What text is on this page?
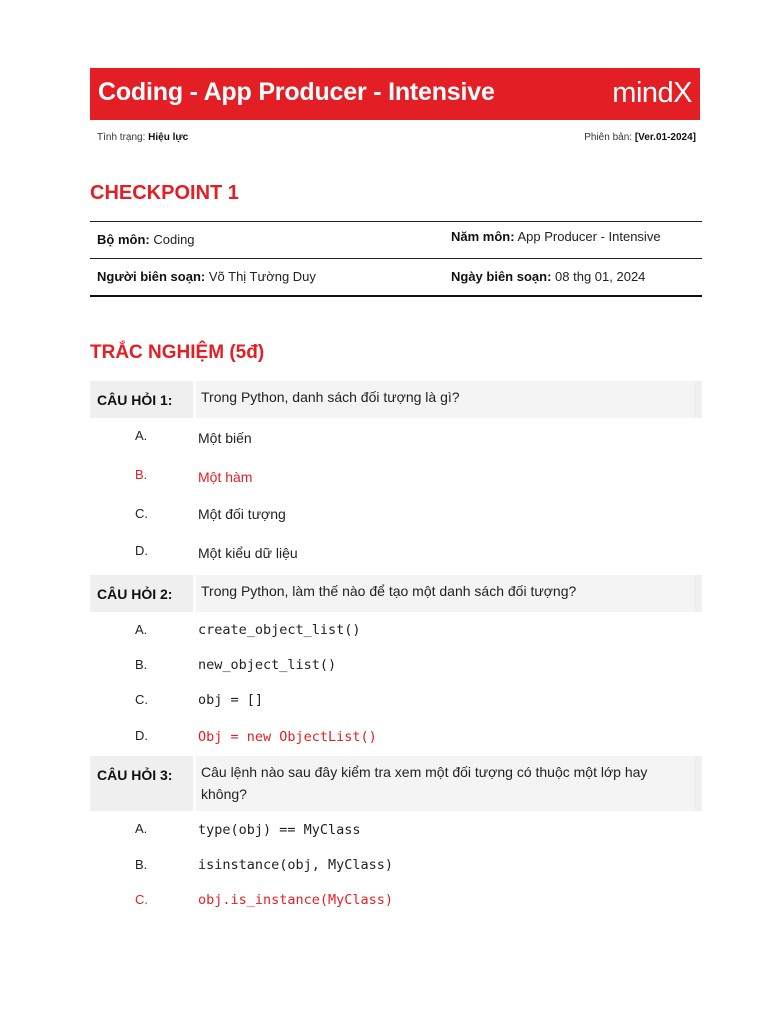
Coding - App Producer - Intensive	mindX
Tình trạng: Hiệu lực	Phiên bản: [Ver.01-2024]
CHECKPOINT 1
Bộ môn: Coding	Năm môn: App Producer - Intensive
Người biên soạn: Võ Thị Tường Duy	Ngày biên soạn: 08 thg 01, 2024
TRẮC NGHIỆM (5đ)
CÂU HỎI 1:	Trong Python, danh sách đối tượng là gì?
A.	Một biến
B.	Một hàm
C.	Một đối tượng
D.	Một kiểu dữ liệu
CÂU HỎI 2:	Trong Python, làm thế nào để tạo một danh sách đối tượng?
A.	create_object_list()
B.	new_object_list()
C.	obj = []
D.	Obj = new ObjectList()
CÂU HỎI 3:	Câu lệnh nào sau đây kiểm tra xem một đối tượng có thuộc một lớp hay không?
A.	type(obj) == MyClass
B.	isinstance(obj, MyClass)
C.	obj.is_instance(MyClass)
